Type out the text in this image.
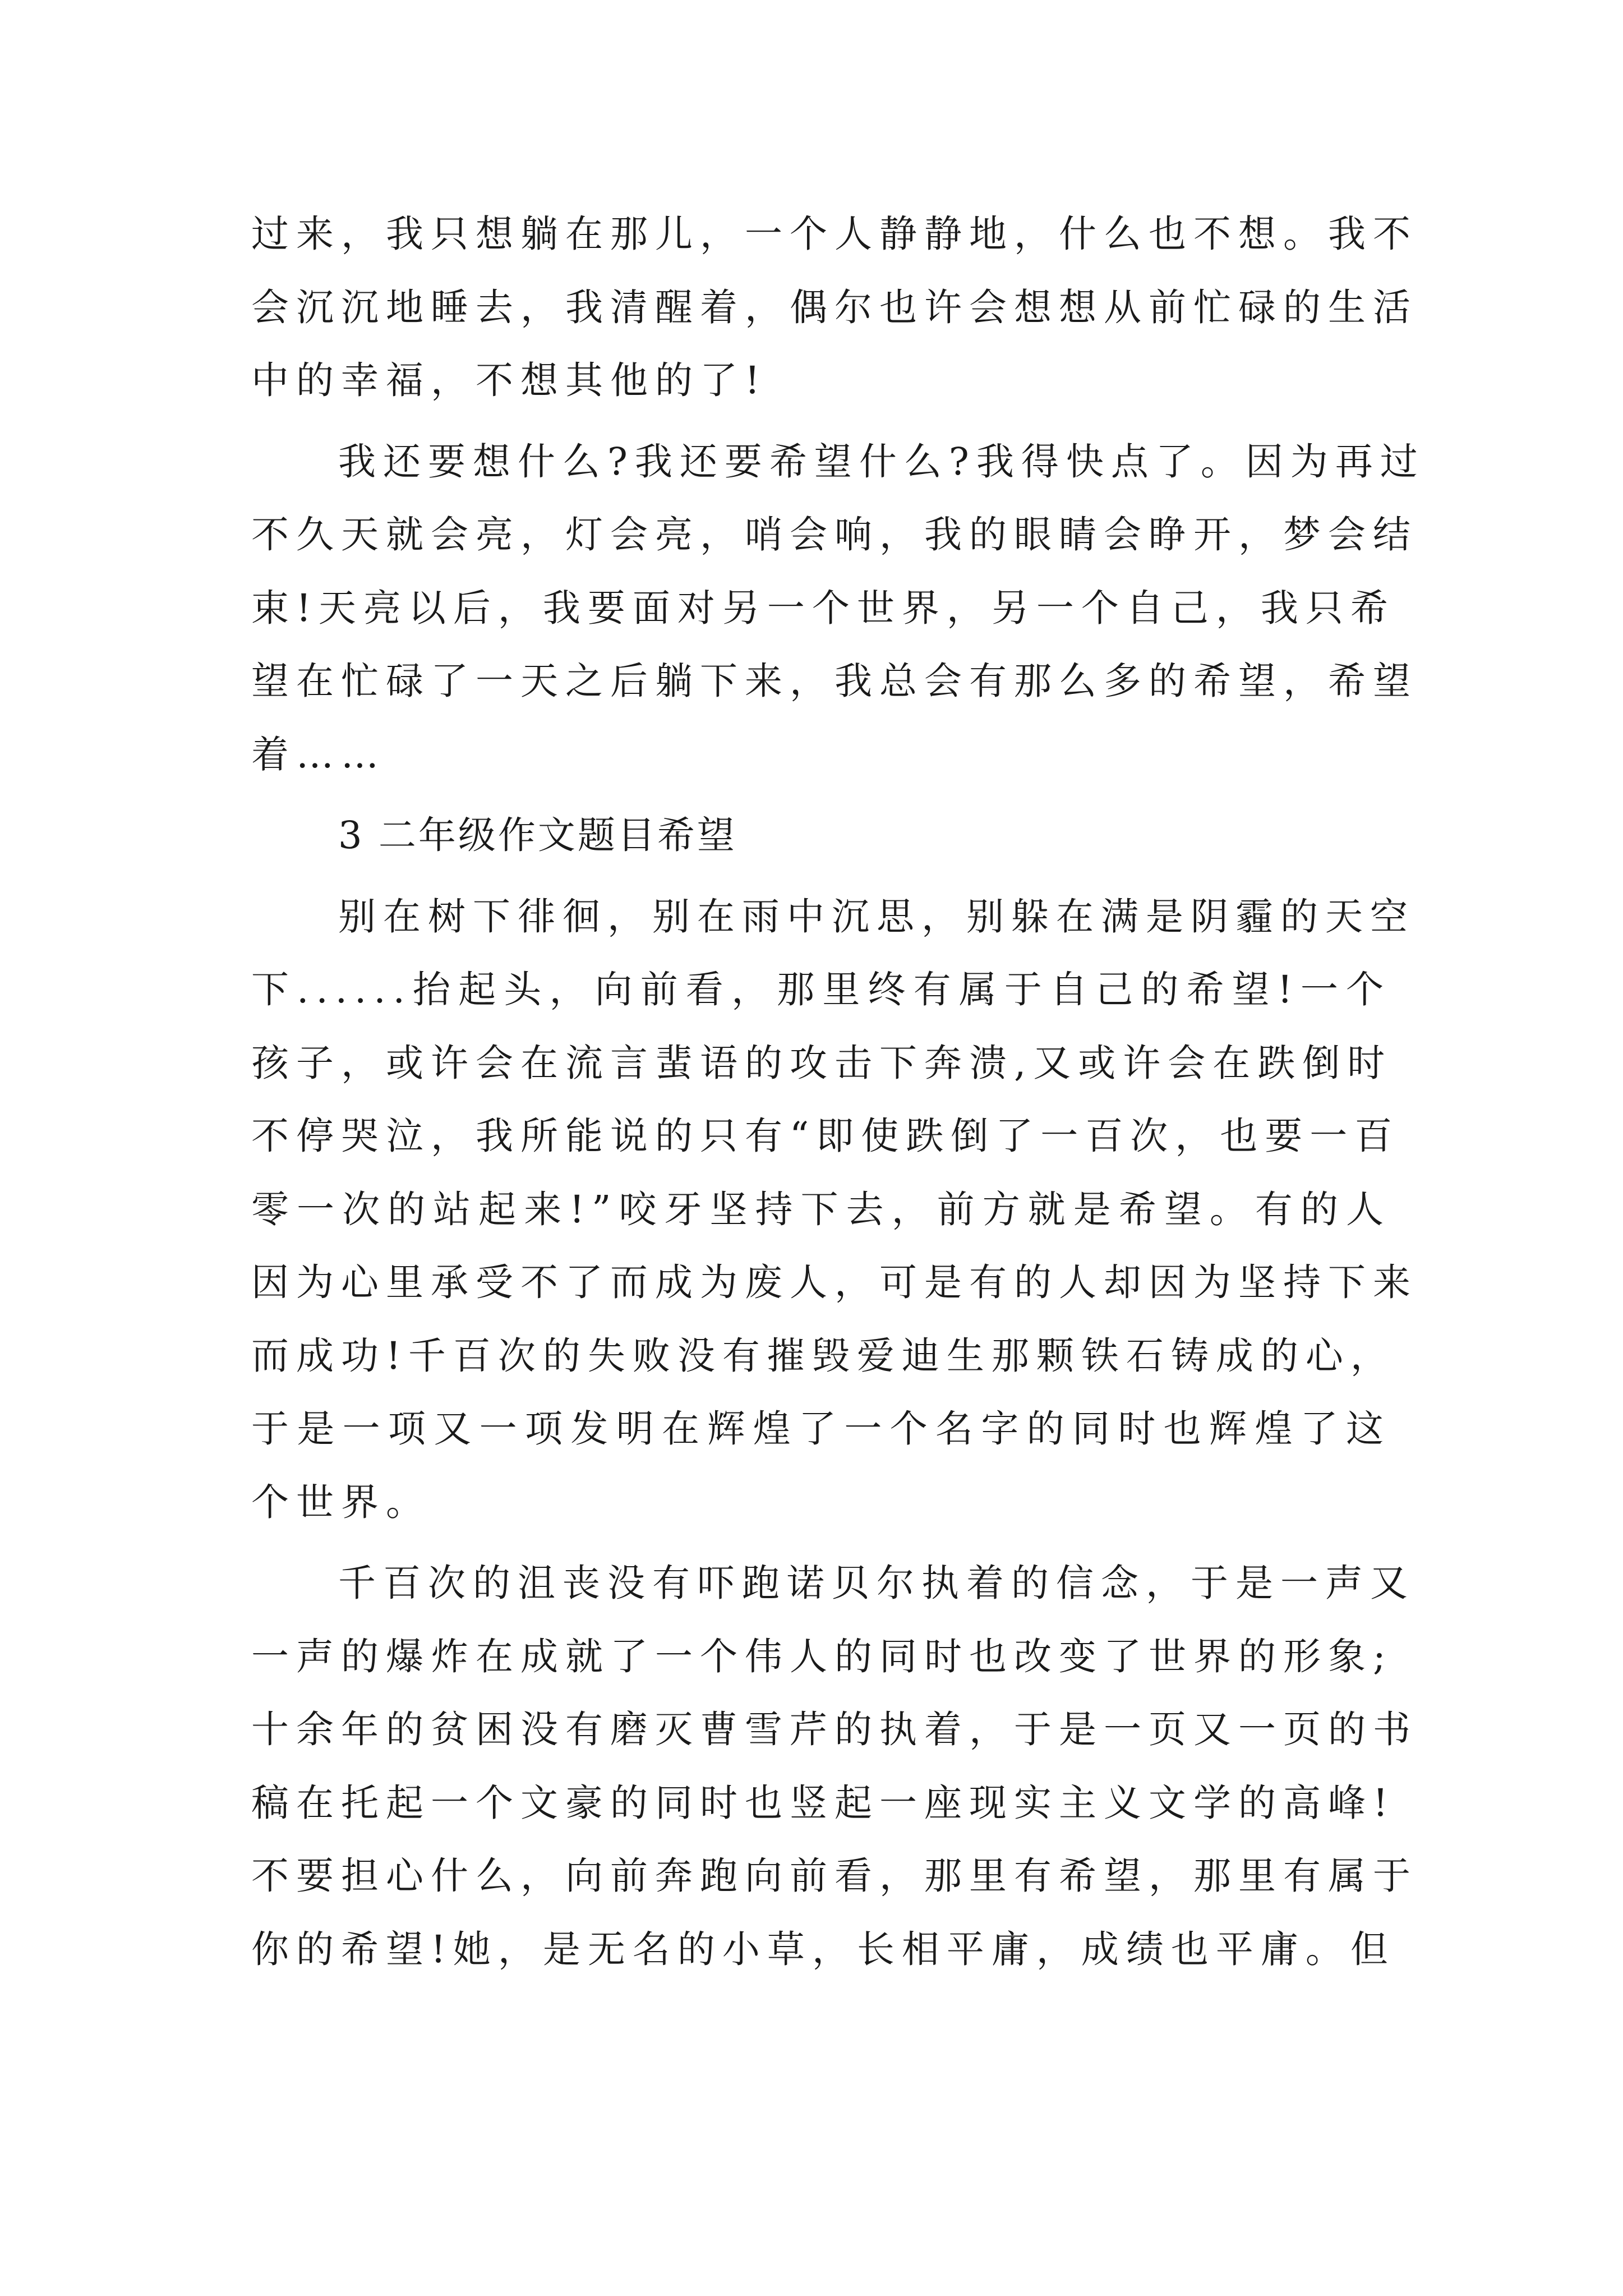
过来，我只想躺在那儿，一个人静静地，什么也不想。我不
会沉沉地睡去，我清醒着，偶尔也许会想想从前忙碌的生活
中的幸福，不想其他的了!
我还要想什么?我还要希望什么?我得快点了。因为再过
不久天就会亮，灯会亮，哨会响，我的眼睛会睁开，梦会结
束!天亮以后，我要面对另一个世界，另一个自己，我只希
望在忙碌了一天之后躺下来，我总会有那么多的希望，希望
着……
3 二年级作文题目希望
别在树下徘徊，别在雨中沉思，别躲在满是阴霾的天空
下......抬起头，向前看，那里终有属于自己的希望!一个
孩子，或许会在流言蜚语的攻击下奔溃,又或许会在跌倒时
不停哭泣，我所能说的只有“即使跌倒了一百次，也要一百
零一次的站起来!”咬牙坚持下去，前方就是希望。有的人
因为心里承受不了而成为废人，可是有的人却因为坚持下来
而成功!千百次的失败没有摧毁爱迪生那颗铁石铸成的心，
于是一项又一项发明在辉煌了一个名字的同时也辉煌了这
个世界。
千百次的沮丧没有吓跑诺贝尔执着的信念，于是一声又
一声的爆炸在成就了一个伟人的同时也改变了世界的形象;
十余年的贫困没有磨灭曹雪芹的执着，于是一页又一页的书
稿在托起一个文豪的同时也竖起一座现实主义文学的高峰!
不要担心什么，向前奔跑向前看，那里有希望，那里有属于
你的希望!她，是无名的小草，长相平庸，成绩也平庸。但
